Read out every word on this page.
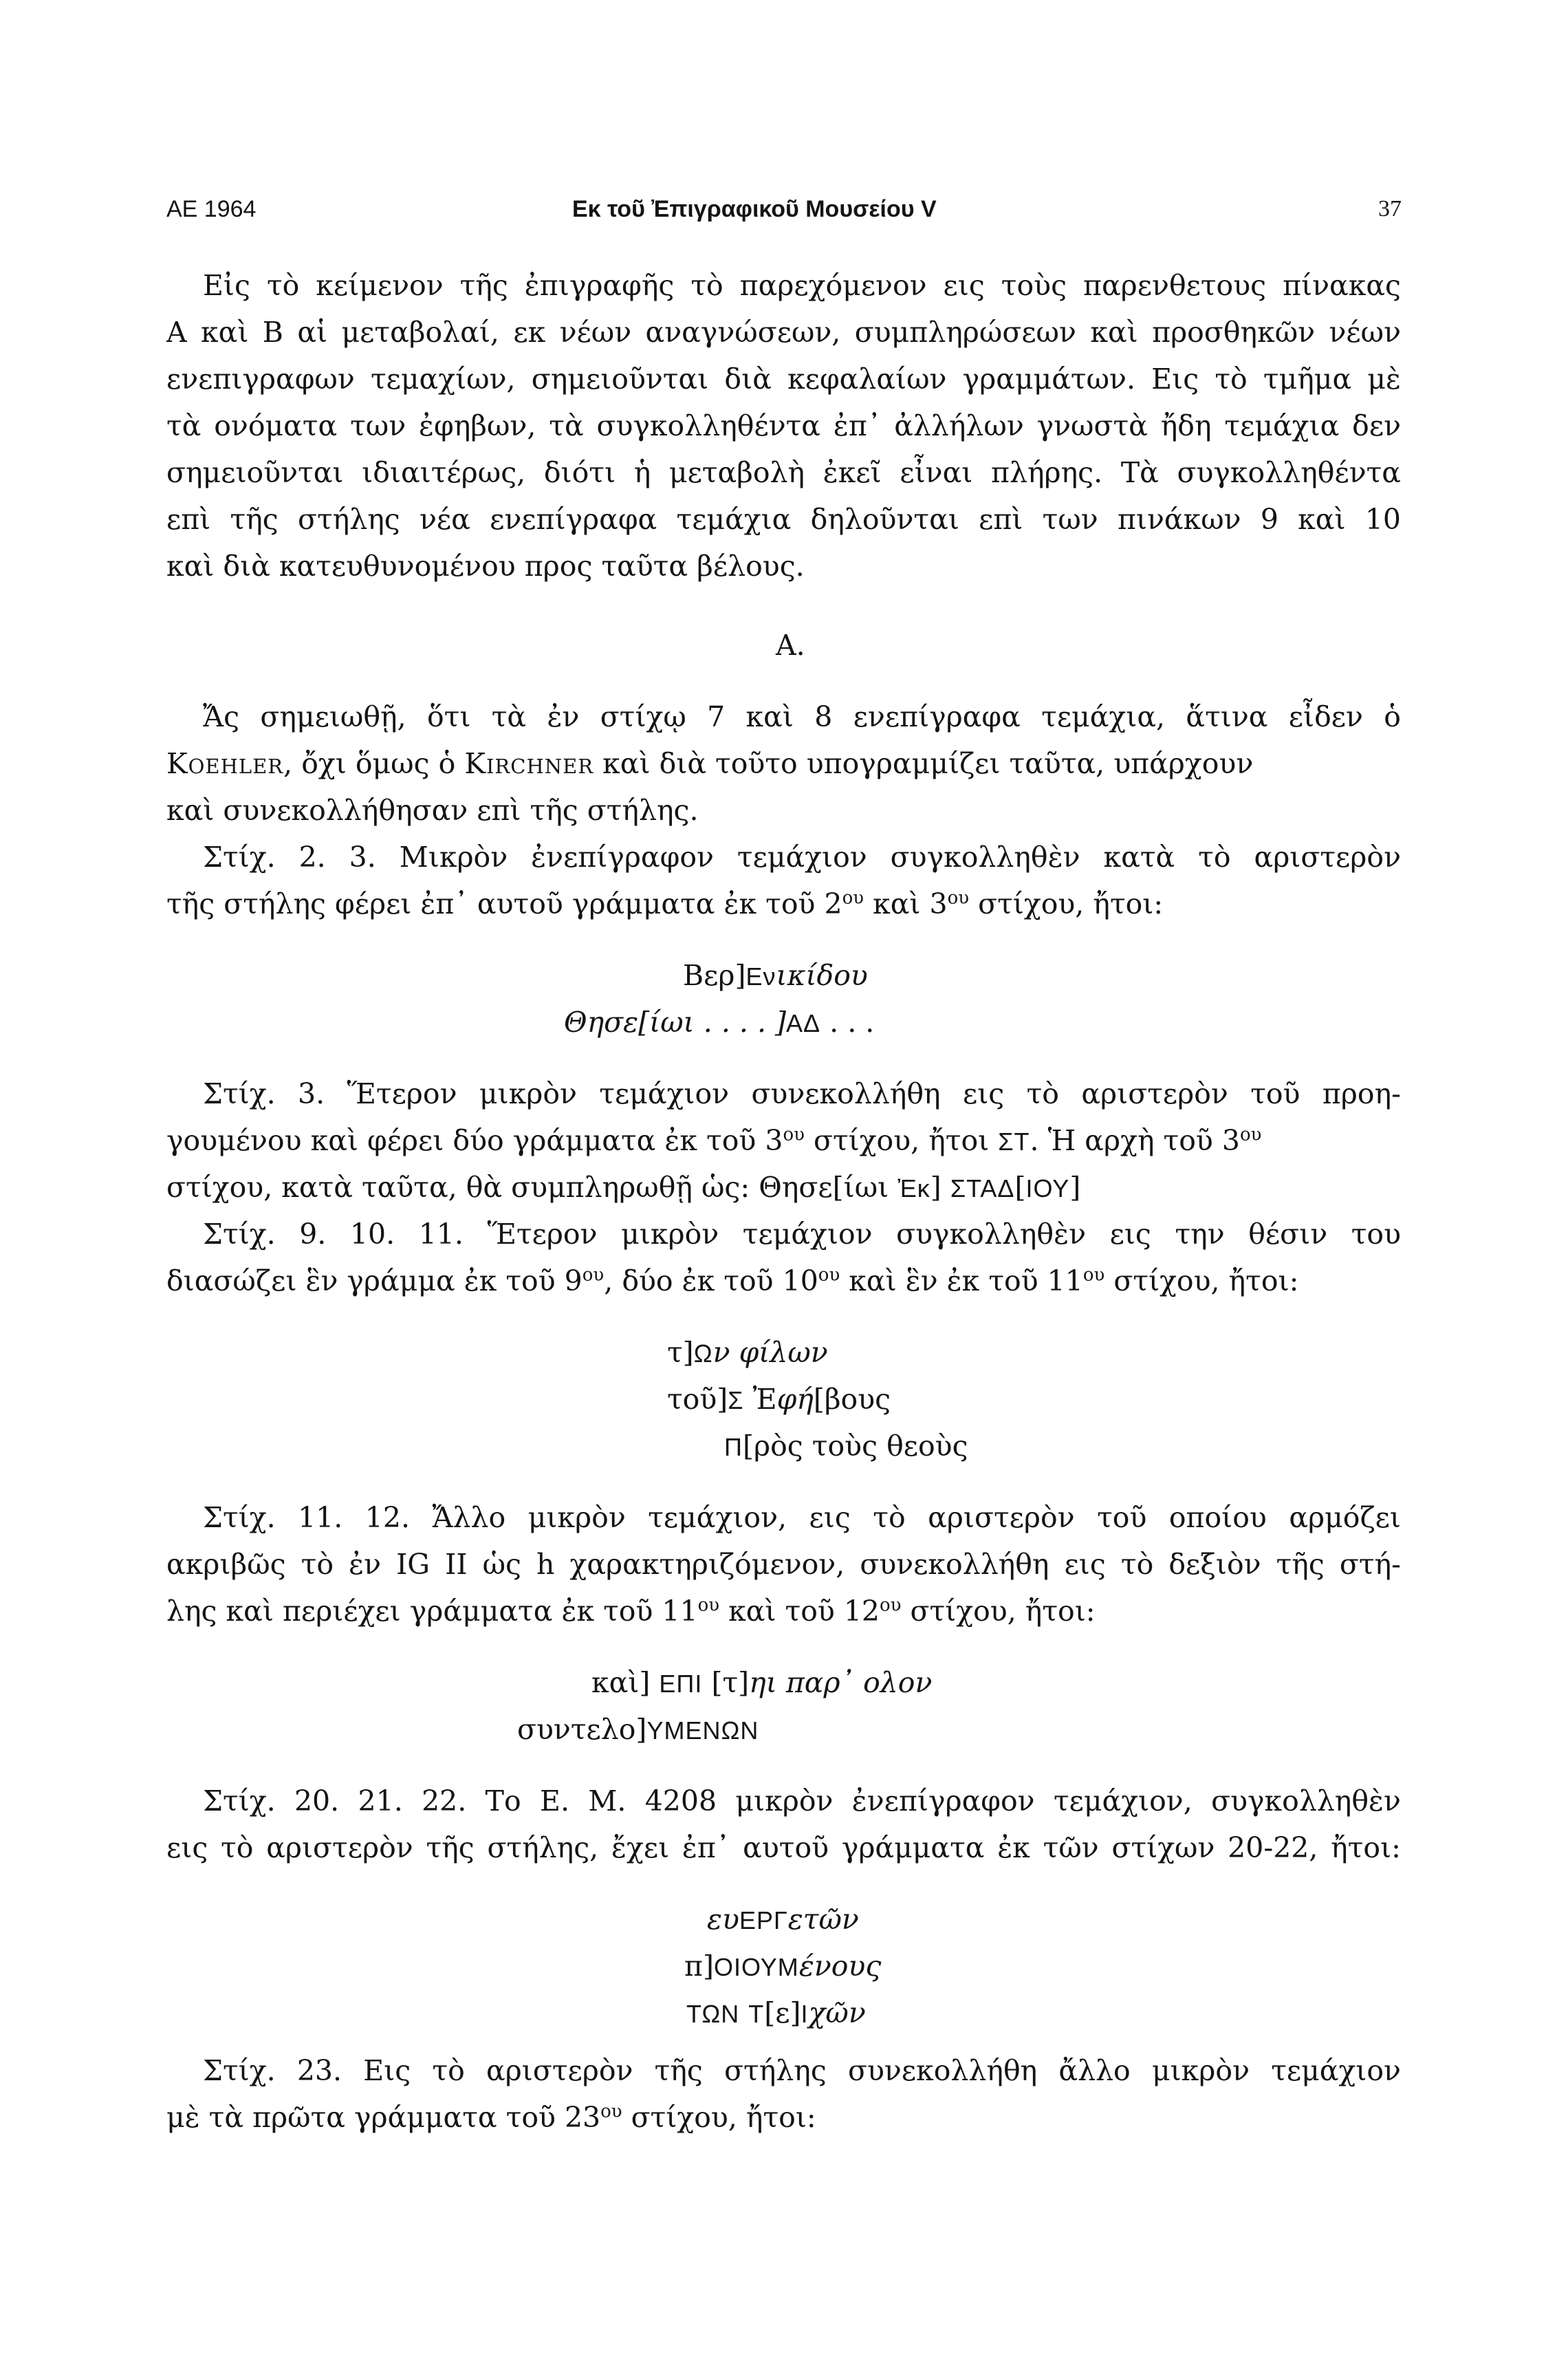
ΑΕ 1964	Εκ τοῦ Ἐπιγραφικοῦ Μουσείου V	37
Εἰς τὸ κείμενον τῆς ἐπιγραφῆς τὸ παρεχόμενον εις τοὺς παρενθετους πίνακας
Α καὶ Β αἱ μεταβολαί, εκ νέων αναγνώσεων, συμπληρώσεων καὶ προσθηκῶν νέων
ενεπιγραφων τεμαχίων, σημειοῦνται διὰ κεφαλαίων γραμμάτων. Εις τὸ τμῆμα μὲ
τὰ ονόματα των ἐφηβων, τὰ συγκολληθέντα ἐπ᾽ ἀλλήλων γνωστὰ ἤδη τεμάχια δεν
σημειοῦνται ιδιαιτέρως, διότι ἡ μεταβολὴ ἐκεῖ εἶναι πλήρης. Τὰ συγκολληθέντα
επὶ τῆς στήλης νέα ενεπίγραφα τεμάχια δηλοῦνται επὶ των πινάκων 9 καὶ 10
καὶ διὰ κατευθυνομένου προς ταῦτα βέλους.
Α.
Ἄς σημειωθῇ, ὅτι τὰ ἐν στίχῳ 7 καὶ 8 ενεπίγραφα τεμάχια, ἅτινα εἶδεν ὁ
Koehler, ὄχι ὅμως ὁ Kirchner καὶ διὰ τοῦτο υπογραμμίζει ταῦτα, υπάρχουν
καὶ συνεκολλήθησαν επὶ τῆς στήλης.
Στίχ. 2. 3. Μικρὸν ἐνεπίγραφον τεμάχιον συγκολληθὲν κατὰ τὸ αριστερὸν
τῆς στήλης φέρει ἐπ᾽ αυτοῦ γράμματα ἐκ τοῦ $2^{o\upsilon}$ καὶ $3^{o\upsilon}$ στίχου, ἤτοι:
Βερ]Ενικίδου
Θησε[ίωι . . . . ]ΑΔ . . .
Στίχ. 3. Ἕτερον μικρὸν τεμάχιον συνεκολλήθη εις τὸ αριστερὸν τοῦ προη-
γουμένου καὶ φέρει δύο γράμματα ἐκ τοῦ $3^{o\upsilon}$ στίχου, ἤτοι ΣΤ. Ἡ αρχὴ τοῦ $3^{o\upsilon}$
στίχου, κατὰ ταῦτα, θὰ συμπληρωθῇ ὡς: Θησε[ίωι Ἐκ] ΣΤΑΔ[ΙΟΥ]
Στίχ. 9. 10. 11. Ἕτερον μικρὸν τεμάχιον συγκολληθὲν εις την θέσιν του
διασώζει ἓν γράμμα ἐκ τοῦ $9^{o\upsilon}$, δύο ἐκ τοῦ $10^{o\upsilon}$ καὶ ἓν ἐκ τοῦ $11^{o\upsilon}$ στίχου, ἤτοι:
τ]Ων φίλων
τοῦ]Σ Ἐφή[βους
Π[ρὸς τοὺς θεοὺς
Στίχ. 11. 12. Ἄλλο μικρὸν τεμάχιον, εις τὸ αριστερὸν τοῦ οποίου αρμόζει
ακριβῶς τὸ ἐν IG II ὡς h χαρακτηριζόμενον, συνεκολλήθη εις τὸ δεξιὸν τῆς στή-
λης καὶ περιέχει γράμματα ἐκ τοῦ $11^{o\upsilon}$ καὶ τοῦ $12^{o\upsilon}$ στίχου, ἤτοι:
καὶ] ΕΠΙ [τ]ηι παρ᾽ ολον
συντελο]ΥΜΕΝΩΝ
Στίχ. 20. 21. 22. Το Ε. Μ. 4208 μικρὸν ἐνεπίγραφον τεμάχιον, συγκολληθὲν
εις τὸ αριστερὸν τῆς στήλης, ἔχει ἐπ᾽ αυτοῦ γράμματα ἐκ τῶν στίχων 20-22, ἤτοι:
ευΕΡΓετῶν
π]ΟΙΟΥΜένους
ΤΩΝ Τ[ε]Ιχῶν
Στίχ. 23. Εις τὸ αριστερὸν τῆς στήλης συνεκολλήθη ἄλλο μικρὸν τεμάχιον
μὲ τὰ πρῶτα γράμματα τοῦ $23^{o\upsilon}$ στίχου, ἤτοι:
